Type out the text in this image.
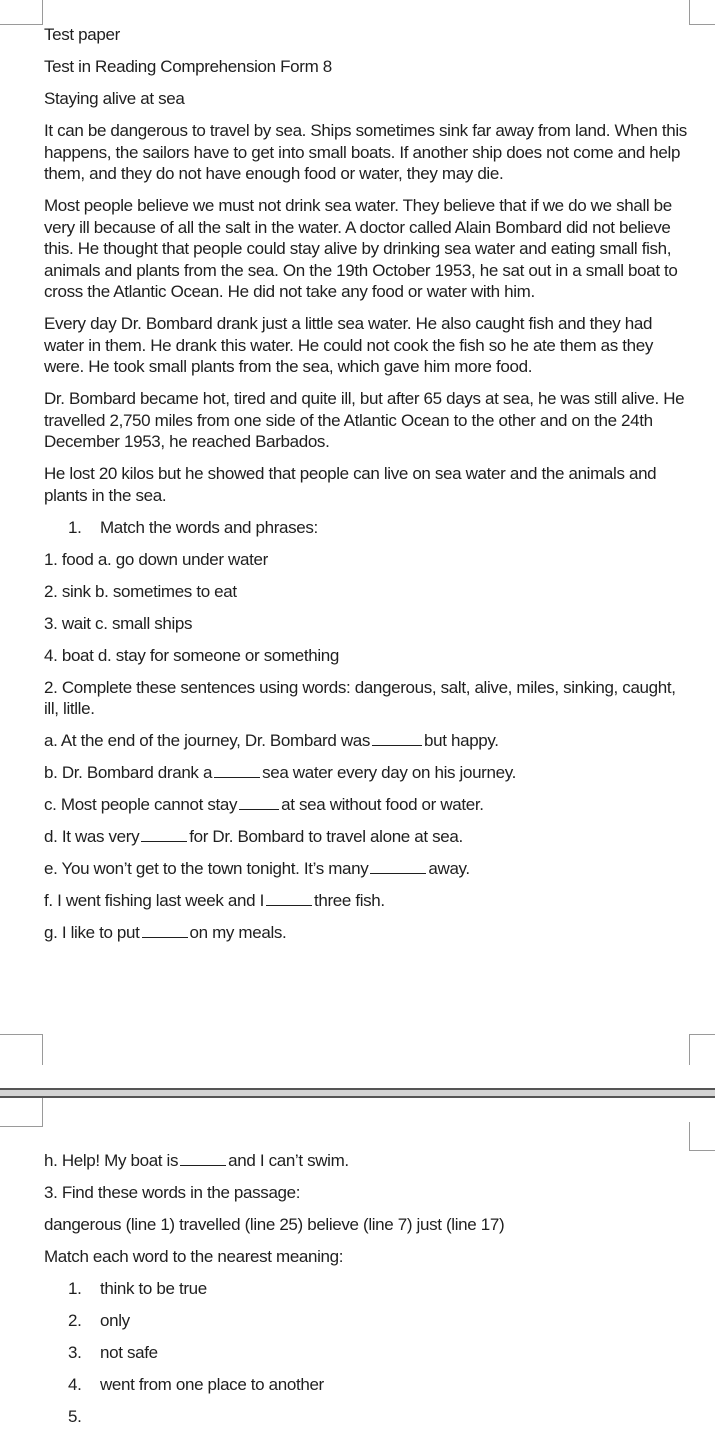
Test paper

Test in Reading Comprehension Form 8

Staying alive at sea

It can be dangerous to travel by sea. Ships sometimes sink far away from land. When this happens, the sailors have to get into small boats. If another ship does not come and help them, and they do not have enough food or water, they may die.

Most people believe we must not drink sea water. They believe that if we do we shall be very ill because of all the salt in the water. A doctor called Alain Bombard did not believe this. He thought that people could stay alive by drinking sea water and eating small fish, animals and plants from the sea. On the 19th October 1953, he sat out in a small boat to cross the Atlantic Ocean. He did not take any food or water with him.

Every day Dr. Bombard drank just a little sea water. He also caught fish and they had water in them. He drank this water. He could not cook the fish so he ate them as they were. He took small plants from the sea, which gave him more food.

Dr. Bombard became hot, tired and quite ill, but after 65 days at sea, he was still alive. He travelled 2,750 miles from one side of the Atlantic Ocean to the other and on the 24th December 1953, he reached Barbados.

He lost 20 kilos but he showed that people can live on sea water and the animals and plants in the sea.

1.	Match the words and phrases:

1. food a. go down under water

2. sink b. sometimes to eat

3. wait c. small ships

4. boat d. stay for someone or something

2. Complete these sentences using words: dangerous, salt, alive, miles, sinking, caught, ill, litlle.

a. At the end of the journey, Dr. Bombard was	but happy.

b. Dr. Bombard drank a	sea water every day on his journey.

c. Most people cannot stay	at sea without food or water.

d. It was very	for Dr. Bombard to travel alone at sea.

e. You won’t get to the town tonight. It’s many	away.

f. I went fishing last week and I	three fish.

g. I like to put	on my meals.

h. Help! My boat is	and I can’t swim.

3. Find these words in the passage:

dangerous (line 1) travelled (line 25) believe (line 7) just (line 17)

Match each word to the nearest meaning:

1.	think to be true
2.	only
3.	not safe
4.	went from one place to another
5.
